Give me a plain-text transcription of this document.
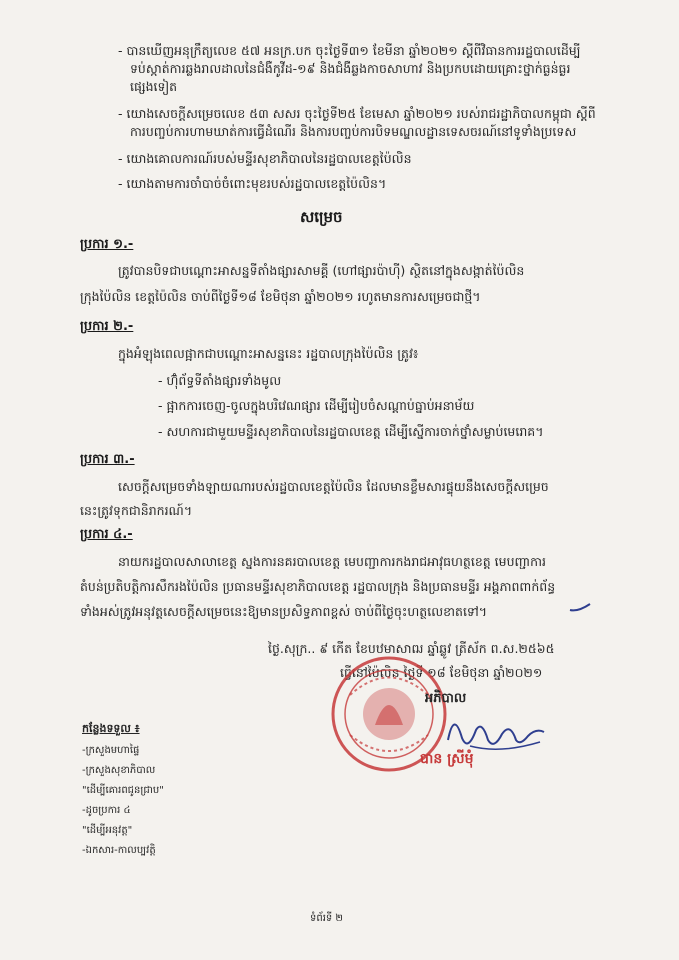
- បានឃើញអនុក្រឹត្យលេខ ៥៧ អនក្រ.បក ចុះថ្ងៃទី៣១ ខែមីនា ឆ្នាំ២០២១ ស្តីពីវិធានការរដ្ឋបាលដើម្បី
ទប់ស្កាត់ការឆ្លងរាលដាលនៃជំងឺកូវីដ-១៩ និងជំងឺឆ្លងកាចសាហាវ និងប្រកបដោយគ្រោះថ្នាក់ធ្ងន់ធ្ងរ
ផ្សេងទៀត
- យោងសេចក្តីសម្រេចលេខ ៥៣ សសរ ចុះថ្ងៃទី២៥ ខែមេសា ឆ្នាំ២០២១ របស់រាជរដ្ឋាភិបាលកម្ពុជា ស្តីពី
ការបញ្ចប់ការហាមឃាត់ការធ្វើដំណើរ និងការបញ្ចប់ការបិទមណ្ឌលដ្ឋានទេសចរណ៍នៅទូទាំងប្រទេស
- យោងគោលការណ៍របស់មន្ទីរសុខាភិបាលនៃរដ្ឋបាលខេត្តប៉ៃលិន
- យោងតាមការចាំបាច់ចំពោះមុខរបស់រដ្ឋបាលខេត្តប៉ៃលិន។
សម្រេច
ប្រការ ១.-
ត្រូវបានបិទជាបណ្តោះអាសន្នទីតាំងផ្សារសាមគ្គី (ហៅផ្សារប៉ាហ៊ី) ស្ថិតនៅក្នុងសង្កាត់ប៉ៃលិន
ក្រុងប៉ៃលិន ខេត្តប៉ៃលិន ចាប់ពីថ្ងៃទី១៨ ខែមិថុនា ឆ្នាំ២០២១ រហូតមានការសម្រេចជាថ្មី។
ប្រការ ២.-
ក្នុងអំឡុងពេលផ្អាកជាបណ្តោះអាសន្ននេះ រដ្ឋបាលក្រុងប៉ៃលិន ត្រូវ៖
- ហ៊ុំព័ទ្ធទីតាំងផ្សារទាំងមូល
- ផ្អាកការចេញ-ចូលក្នុងបរិវេណផ្សារ ដើម្បីរៀបចំសណ្តាប់ធ្នាប់អនាម័យ
- សហការជាមួយមន្ទីរសុខាភិបាលនៃរដ្ឋបាលខេត្ត ដើម្បីស្នើការចាក់ថ្នាំសម្លាប់មេរោគ។
ប្រការ ៣.-
សេចក្តីសម្រេចទាំងឡាយណារបស់រដ្ឋបាលខេត្តប៉ៃលិន ដែលមានខ្លឹមសារផ្ទុយនឹងសេចក្តីសម្រេច
នេះត្រូវទុកជានិរាករណ៍។
ប្រការ ៤.-
នាយករដ្ឋបាលសាលាខេត្ត ស្នងការនគរបាលខេត្ត មេបញ្ជាការកងរាជអាវុធហត្ថខេត្ត មេបញ្ជាការ
តំបន់ប្រតិបត្តិការសឹករងប៉ៃលិន ប្រធានមន្ទីរសុខាភិបាលខេត្ត រដ្ឋបាលក្រុង និងប្រធានមន្ទីរ អង្គភាពពាក់ព័ន្ធ
ទាំងអស់ត្រូវអនុវត្តសេចក្តីសម្រេចនេះឱ្យមានប្រសិទ្ធភាពខ្ពស់ ចាប់ពីថ្ងៃចុះហត្ថលេខាតទៅ។
ថ្ងៃ.សុក្រ.. ៩ កើត ខែបឋមាសាឍ ឆ្នាំឆ្លូវ ត្រីស័ក ព.ស.២៥៦៥
ធ្វើនៅប៉ៃលិន ថ្ងៃទី ១៨ ខែមិថុនា ឆ្នាំ២០២១
អភិបាល
បាន ស្រីមុំ
កន្លែងទទួល ៖
-ក្រសួងមហាផ្ទៃ
-ក្រសួងសុខាភិបាល
"ដើម្បីគោរពជូនជ្រាប"
-ដូចប្រការ ៤
"ដើម្បីអនុវត្ត"
-ឯកសារ-កាលប្បវត្តិ
ទំព័រទី ២
